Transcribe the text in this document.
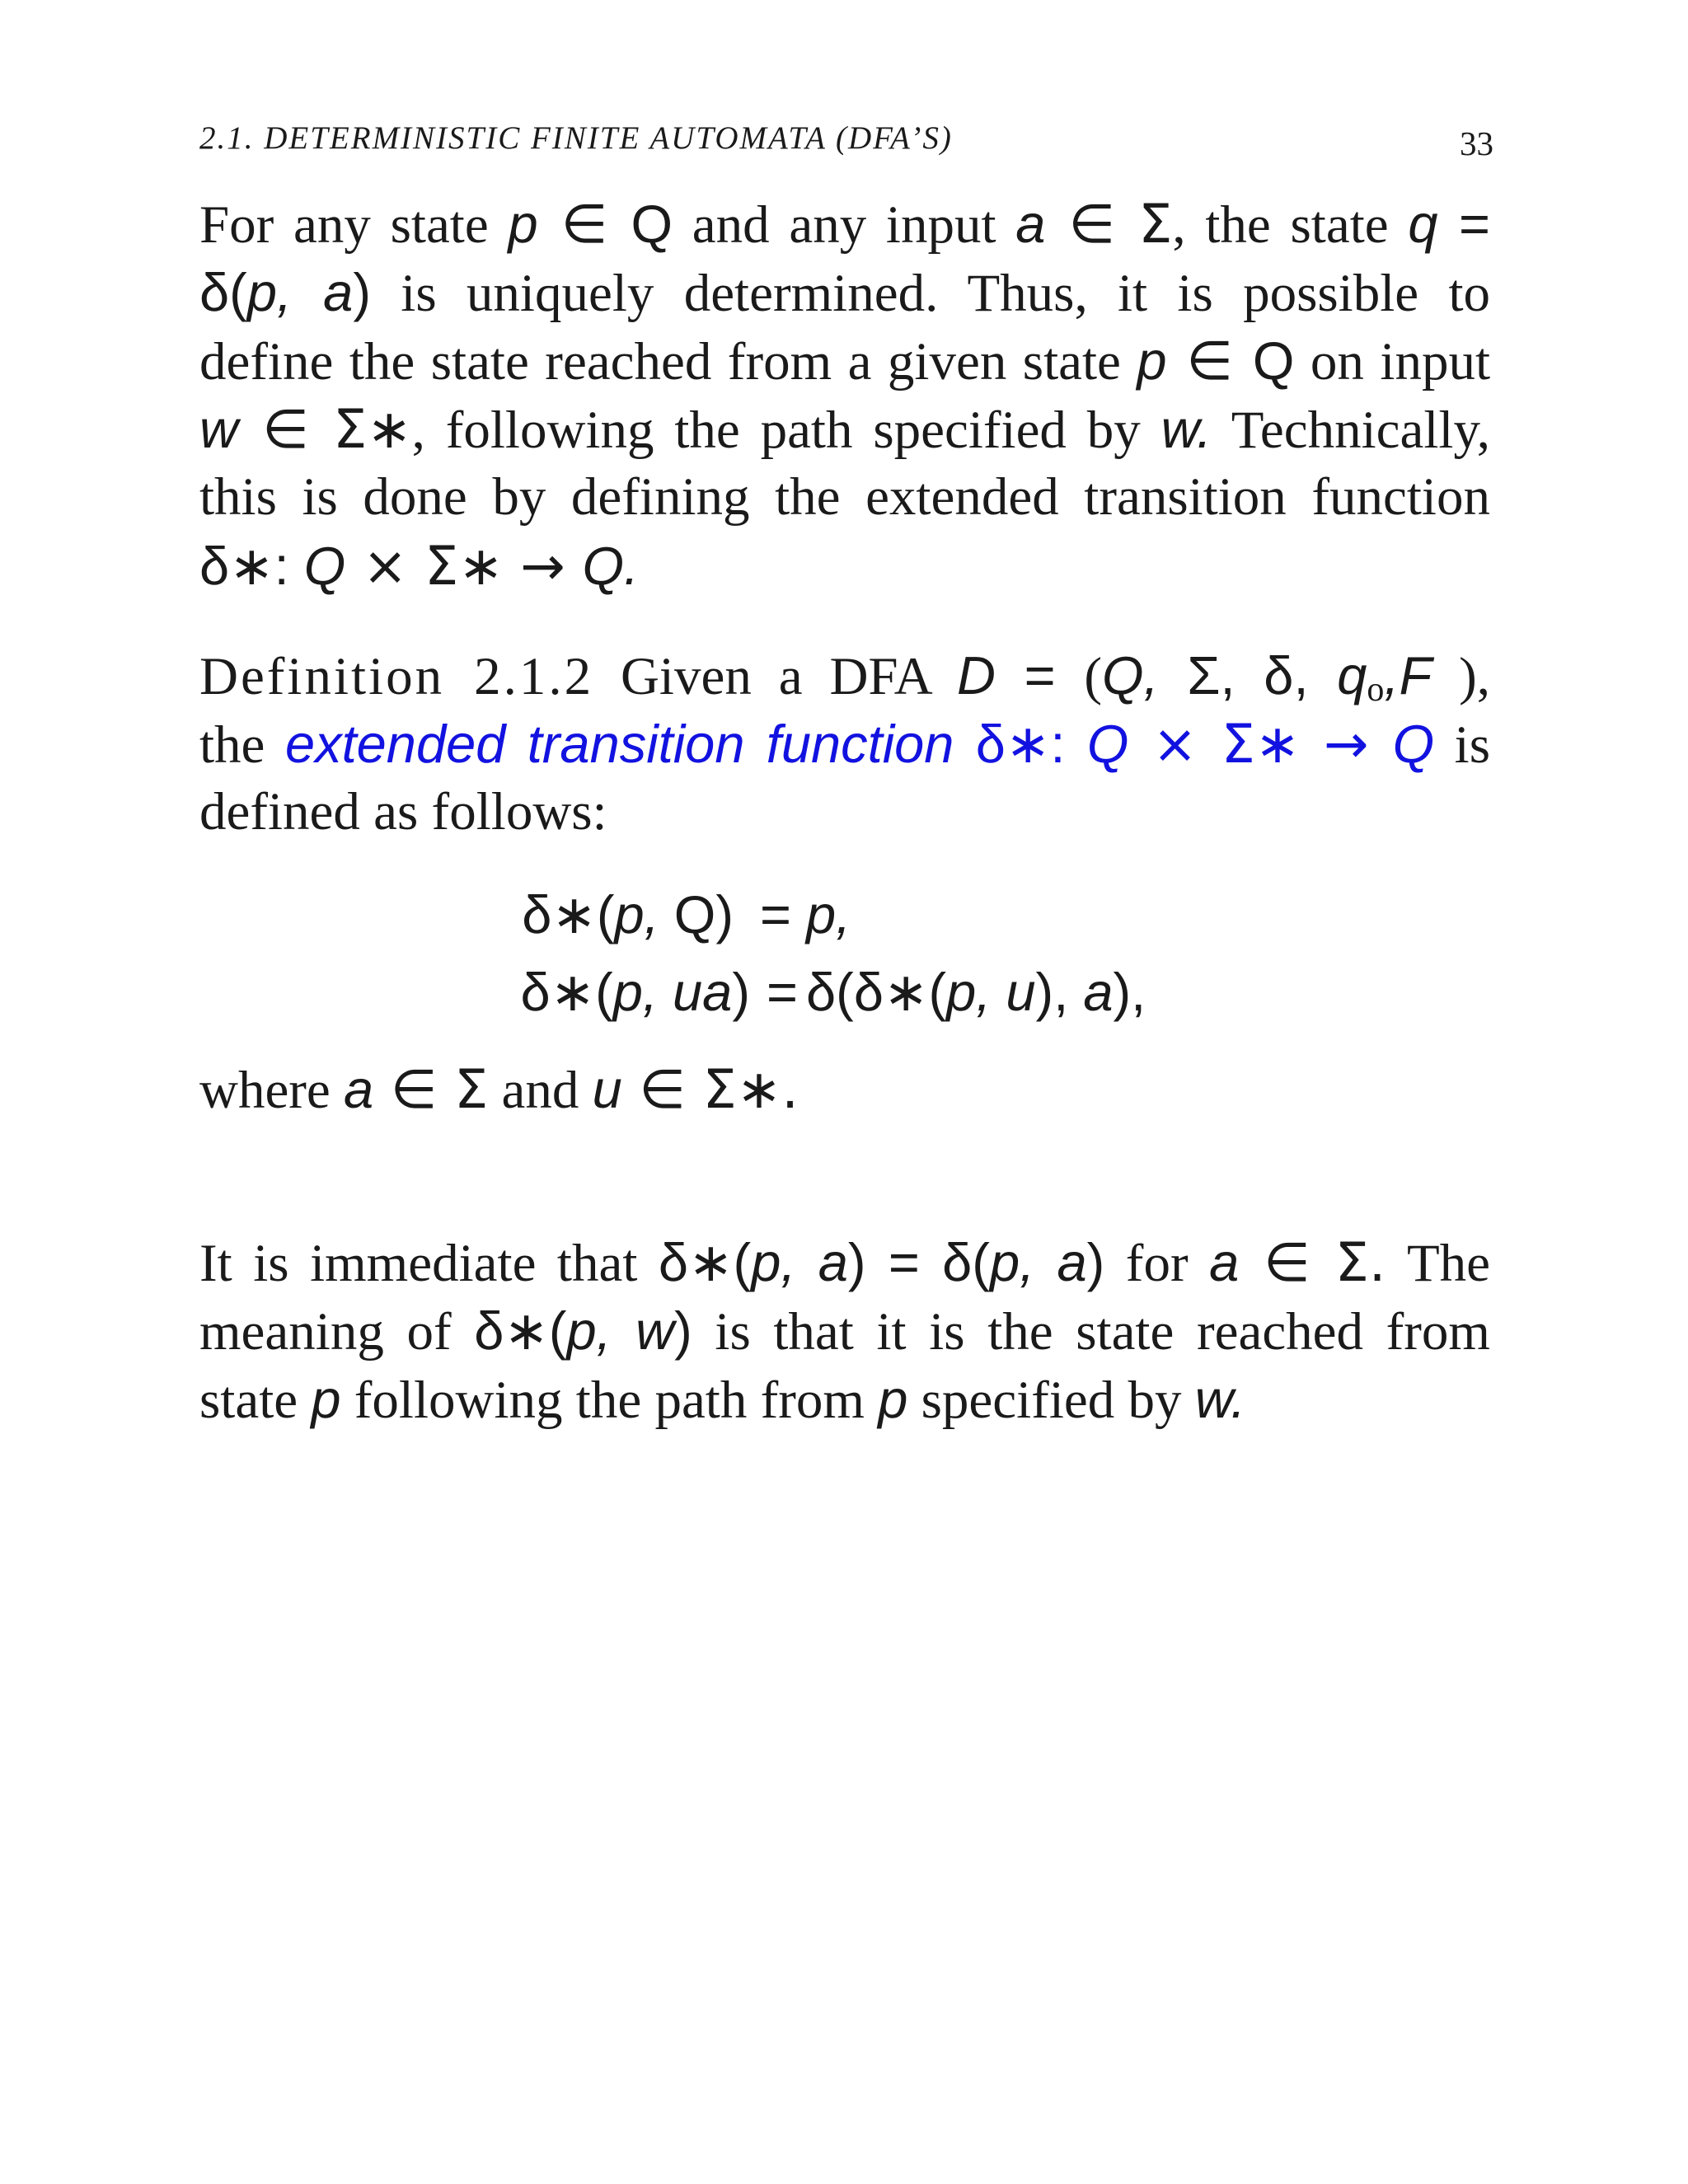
2.1. DETERMINISTIC FINITE AUTOMATA (DFA’S)	33
For any state p ∈ Q and any input a ∈ Σ, the state q =
δ(p, a) is uniquely determined. Thus, it is possible to
define the state reached from a given state p ∈ Q on input
w ∈ Σ∗, following the path specified by w. Technically,
this is done by defining the extended transition function
δ∗: Q × Σ∗ → Q.
Definition 2.1.2 Given a DFA D = (Q, Σ, δ, qo,F ),
the extended transition function δ∗: Q × Σ∗ → Q is
defined as follows:
δ∗(p, Q) = p,
δ∗(p, ua) = δ(δ∗(p, u), a),
where a ∈ Σ and u ∈ Σ∗.
It is immediate that δ∗(p, a) = δ(p, a) for a ∈ Σ. The
meaning of δ∗(p, w) is that it is the state reached from
state p following the path from p specified by w.
